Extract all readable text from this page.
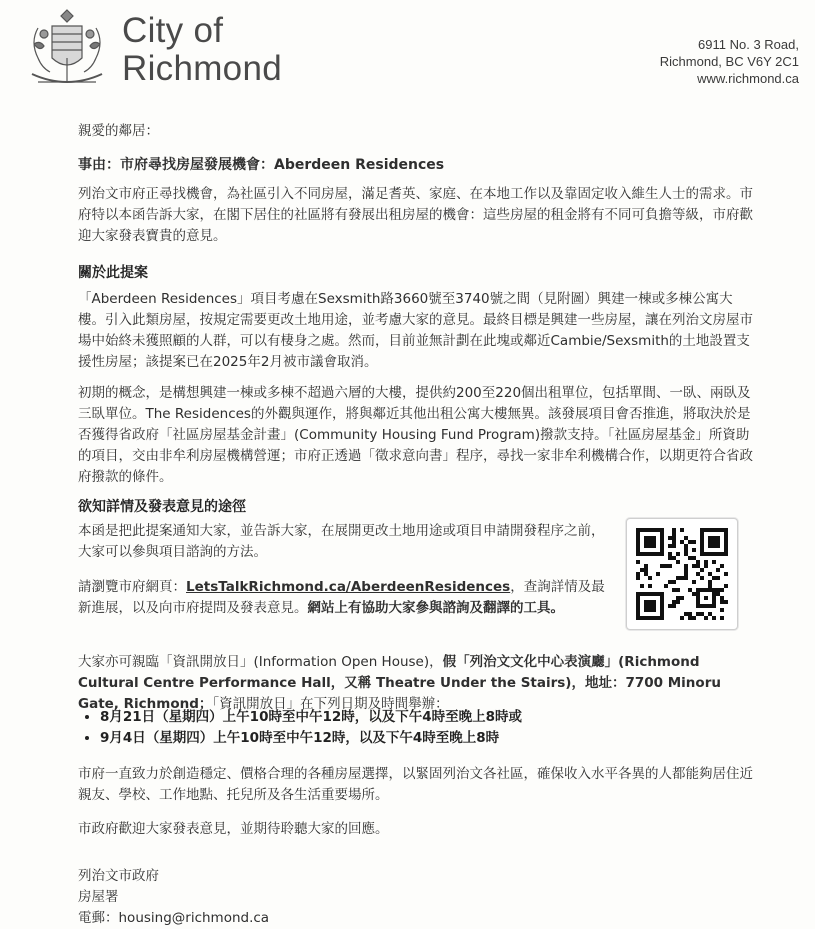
City of
Richmond
6911 No. 3 Road,
Richmond, BC V6Y 2C1
www.richmond.ca
親愛的鄰居：
事由：市府尋找房屋發展機會：Aberdeen Residences
列治文市府正尋找機會，為社區引入不同房屋，滿足耆英、家庭、在本地工作以及靠固定收入維生人士的需求。市府特以本函告訴大家，在閣下居住的社區將有發展出租房屋的機會：這些房屋的租金將有不同可負擔等級，市府歡迎大家發表寶貴的意見。
關於此提案
「Aberdeen Residences」項目考慮在Sexsmith路3660號至3740號之間（見附圖）興建一棟或多棟公寓大樓。引入此類房屋，按規定需要更改土地用途，並考慮大家的意見。最終目標是興建一些房屋，讓在列治文房屋市場中始終未獲照顧的人群，可以有棲身之處。然而，目前並無計劃在此塊或鄰近Cambie/Sexsmith的土地設置支援性房屋；該提案已在2025年2月被市議會取消。
初期的概念，是構想興建一棟或多棟不超過六層的大樓，提供約200至220個出租單位，包括單間、一臥、兩臥及三臥單位。The Residences的外觀與運作，將與鄰近其他出租公寓大樓無異。該發展項目會否推進，將取決於是否獲得省政府「社區房屋基金計畫」(Community Housing Fund Program)撥款支持。「社區房屋基金」所資助的項目，交由非牟利房屋機構營運；市府正透過「徵求意向書」程序，尋找一家非牟利機構合作，以期更符合省政府撥款的條件。
欲知詳情及發表意見的途徑
本函是把此提案通知大家，並告訴大家，在展開更改土地用途或項目申請開發程序之前，大家可以參與項目諮詢的方法。
請瀏覽市府網頁：LetsTalkRichmond.ca/AberdeenResidences，查詢詳情及最新進展，以及向市府提問及發表意見。網站上有協助大家參與諮詢及翻譯的工具。
大家亦可親臨「資訊開放日」(Information Open House)，假「列治文文化中心表演廳」(Richmond Cultural Centre Performance Hall，又稱 Theatre Under the Stairs)，地址：7700 Minoru Gate, Richmond；「資訊開放日」在下列日期及時間舉辦：
• 8月21日（星期四）上午10時至中午12時，以及下午4時至晚上8時或
• 9月4日（星期四）上午10時至中午12時，以及下午4時至晚上8時
市府一直致力於創造穩定、價格合理的各種房屋選擇，以緊固列治文各社區，確保收入水平各異的人都能夠居住近親友、學校、工作地點、托兒所及各生活重要場所。
市政府歡迎大家發表意見，並期待聆聽大家的回應。
列治文市政府
房屋署
電郵：housing@richmond.ca
